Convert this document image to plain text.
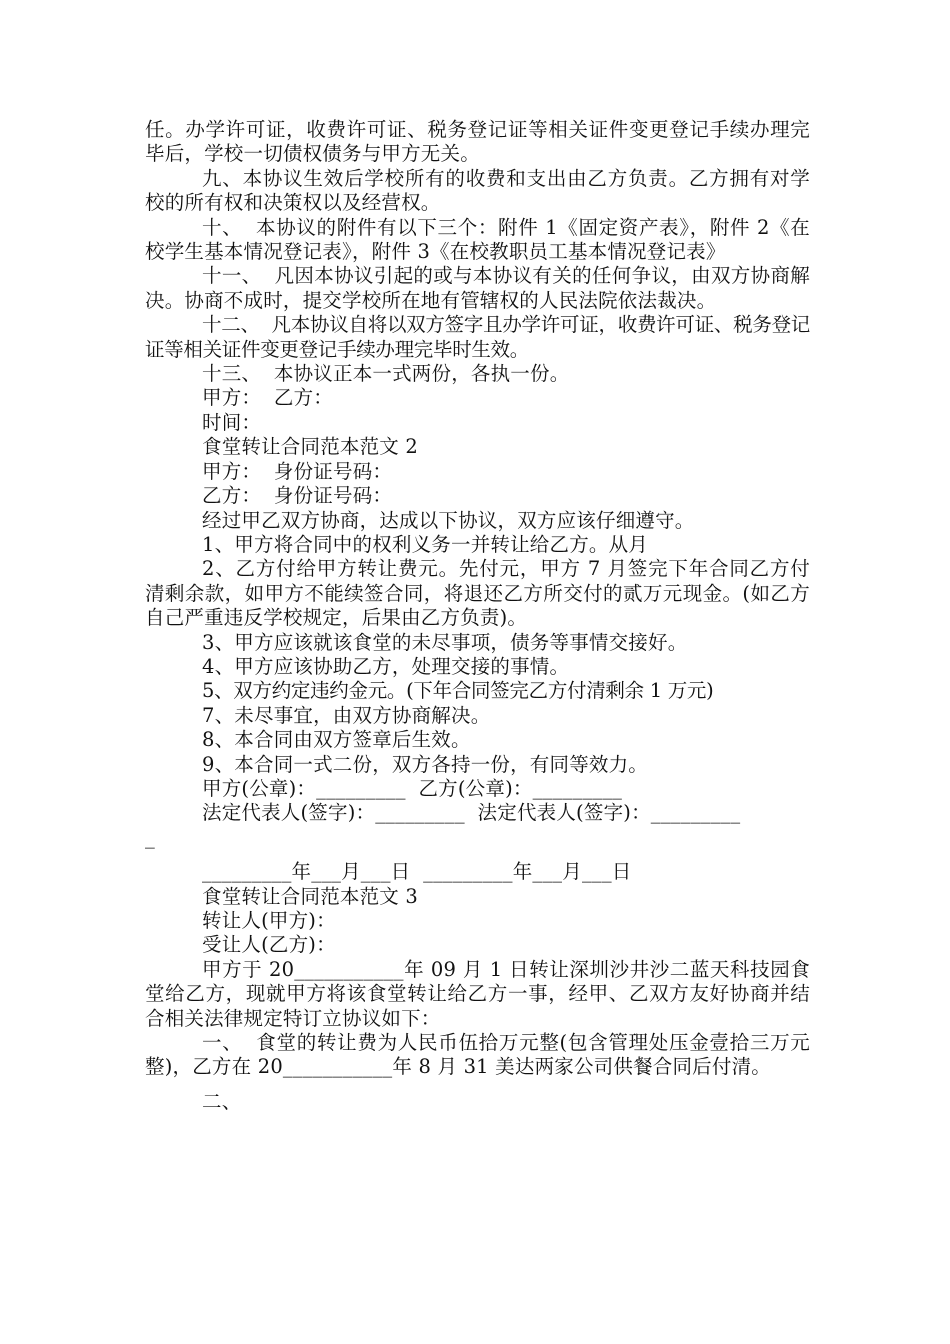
任。办学许可证，收费许可证、税务登记证等相关证件变更登记手续办理完毕后，学校一切债权债务与甲方无关。

九、本协议生效后学校所有的收费和支出由乙方负责。乙方拥有对学校的所有权和决策权以及经营权。

十、  本协议的附件有以下三个：附件 1《固定资产表》，附件 2《在校学生基本情况登记表》，附件 3《在校教职员工基本情况登记表》

十一、  凡因本协议引起的或与本协议有关的任何争议，由双方协商解决。协商不成时，提交学校所在地有管辖权的人民法院依法裁决。

十二、  凡本协议自将以双方签字且办学许可证，收费许可证、税务登记证等相关证件变更登记手续办理完毕时生效。

十三、  本协议正本一式两份，各执一份。

甲方：  乙方：

时间：

食堂转让合同范本范文 2

甲方：  身份证号码：

乙方：  身份证号码：

经过甲乙双方协商，达成以下协议，双方应该仔细遵守。

1、甲方将合同中的权利义务一并转让给乙方。从月

2、乙方付给甲方转让费元。先付元，甲方 7 月签完下年合同乙方付清剩余款，如甲方不能续签合同，将退还乙方所交付的贰万元现金。(如乙方自己严重违反学校规定，后果由乙方负责)。

3、甲方应该就该食堂的未尽事项，债务等事情交接好。

4、甲方应该协助乙方，处理交接的事情。

5、双方约定违约金元。(下年合同签完乙方付清剩余 1 万元)

7、未尽事宜，由双方协商解决。

8、本合同由双方签章后生效。

9、本合同一式二份，双方各持一份，有同等效力。

甲方(公章)：_________  乙方(公章)：_________

法定代表人(签字)：_________  法定代表人(签字)：_________

_

_________年___月___日  _________年___月___日

食堂转让合同范本范文 3

转让人(甲方)：

受让人(乙方)：

甲方于 20___________年 09 月 1 日转让深圳沙井沙二蓝天科技园食堂给乙方，现就甲方将该食堂转让给乙方一事，经甲、乙双方友好协商并结合相关法律规定特订立协议如下：

一、  食堂的转让费为人民币伍拾万元整(包含管理处压金壹拾三万元整)，乙方在 20___________年 8 月 31 美达两家公司供餐合同后付清。

二、
